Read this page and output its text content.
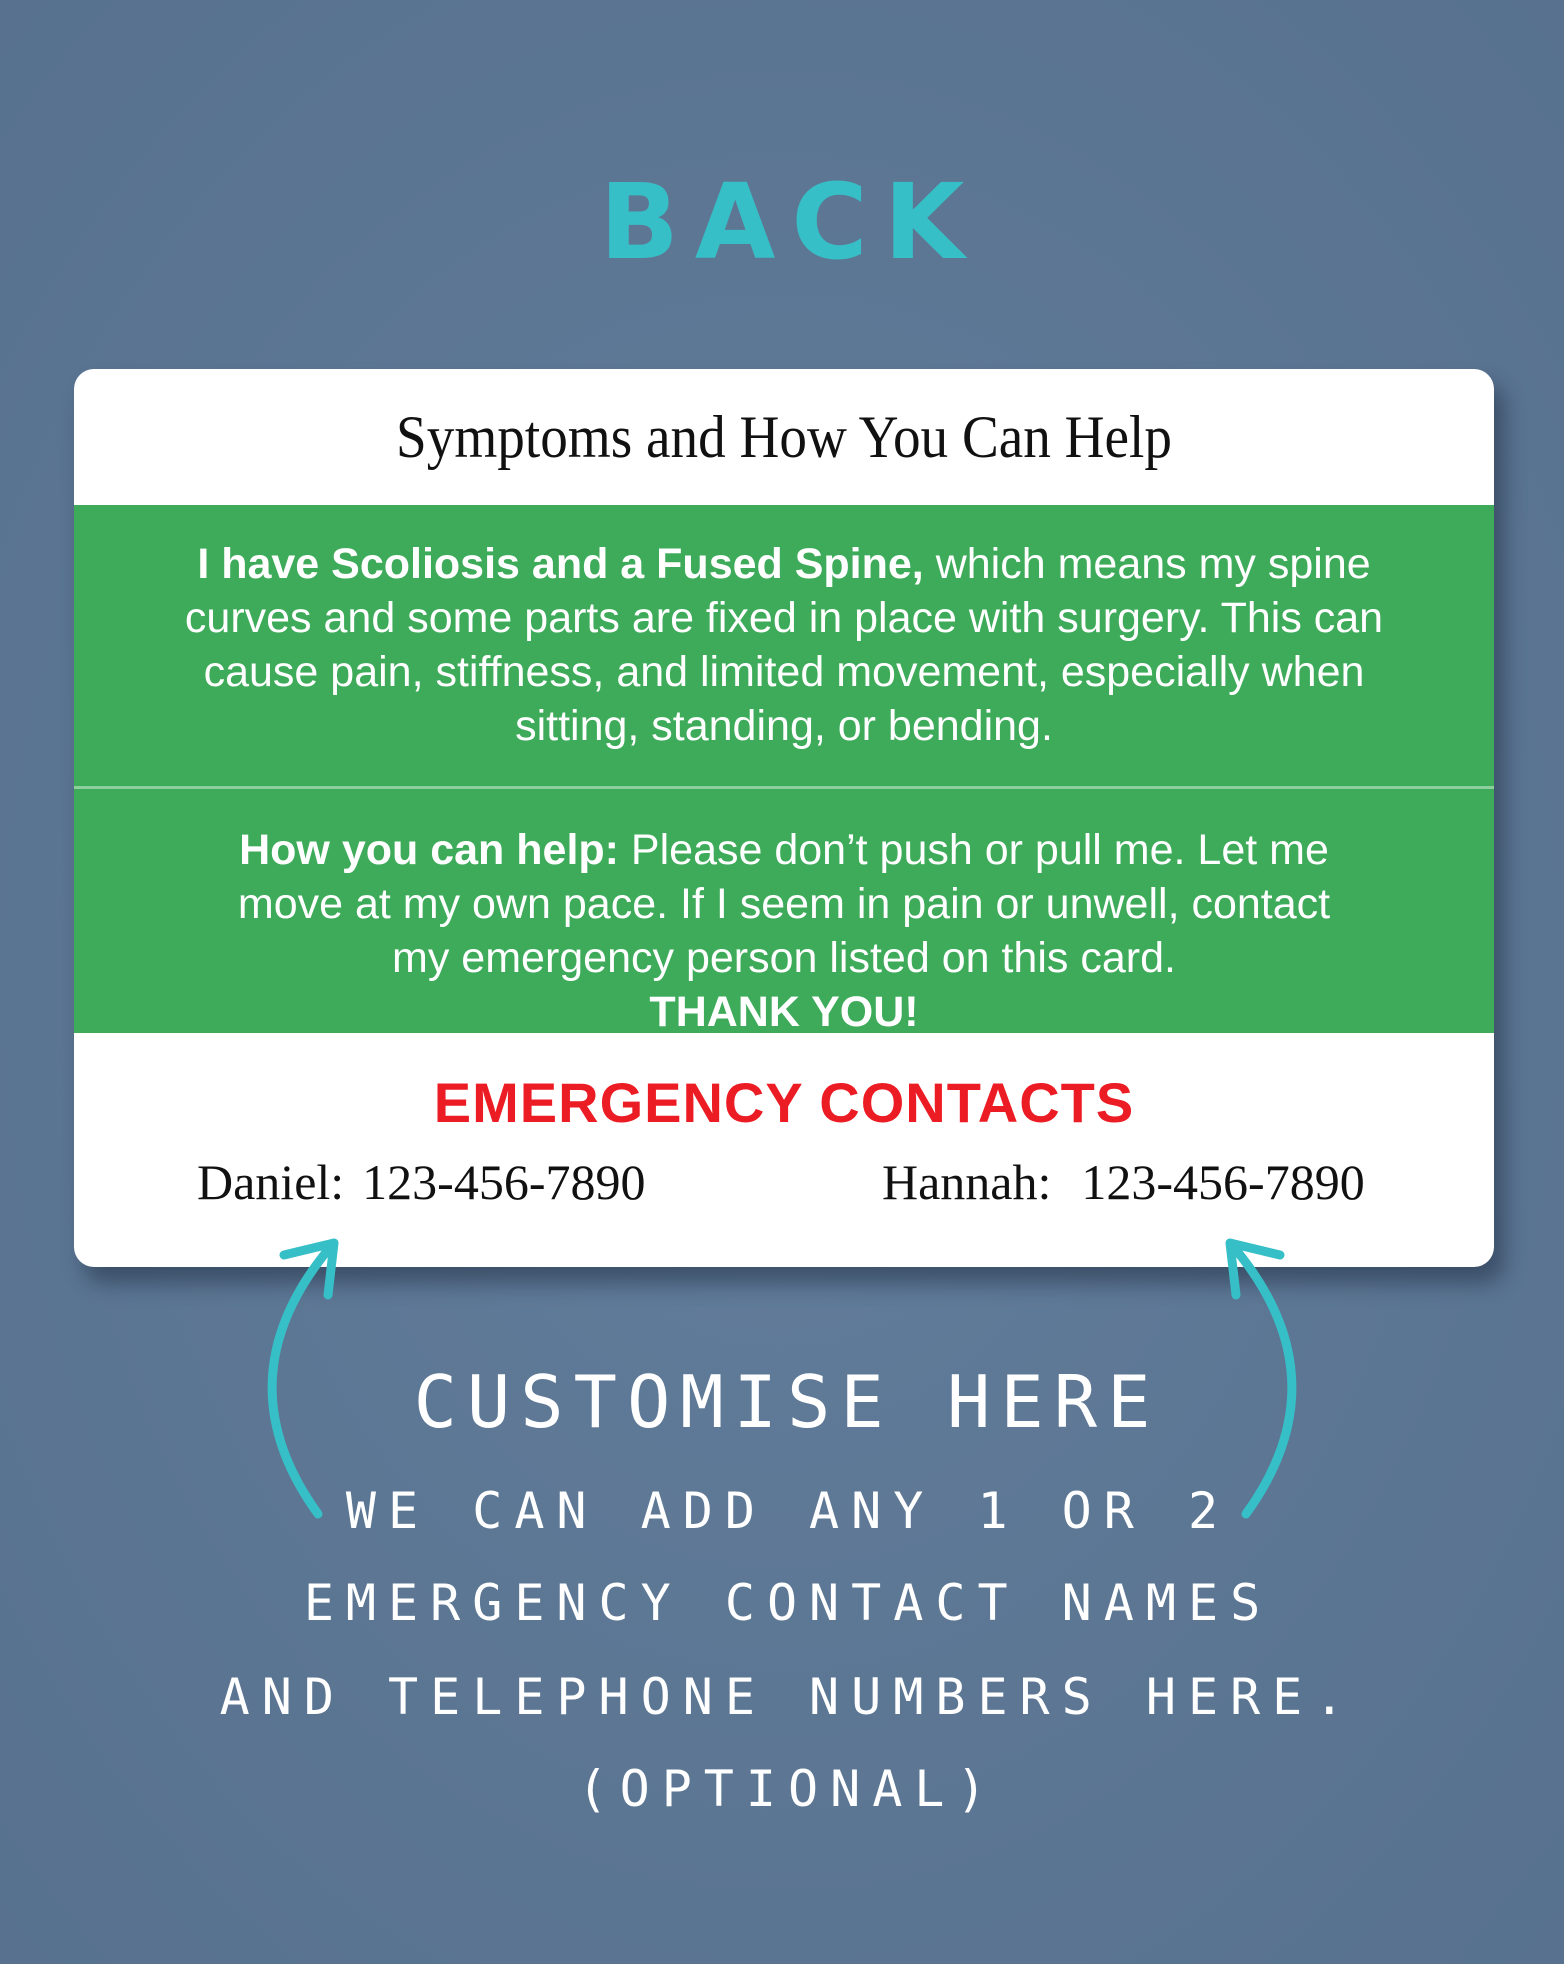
BACK
Symptoms and How You Can Help
I have Scoliosis and a Fused Spine, which means my spine curves and some parts are fixed in place with surgery. This can cause pain, stiffness, and limited movement, especially when sitting, standing, or bending.
How you can help: Please don’t push or pull me. Let me move at my own pace. If I seem in pain or unwell, contact my emergency person listed on this card.
THANK YOU!
EMERGENCY CONTACTS
Daniel: 123-456-7890	Hannah: 123-456-7890
CUSTOMISE HERE
WE CAN ADD ANY 1 OR 2
EMERGENCY CONTACT NAMES
AND TELEPHONE NUMBERS HERE.
(OPTIONAL)
